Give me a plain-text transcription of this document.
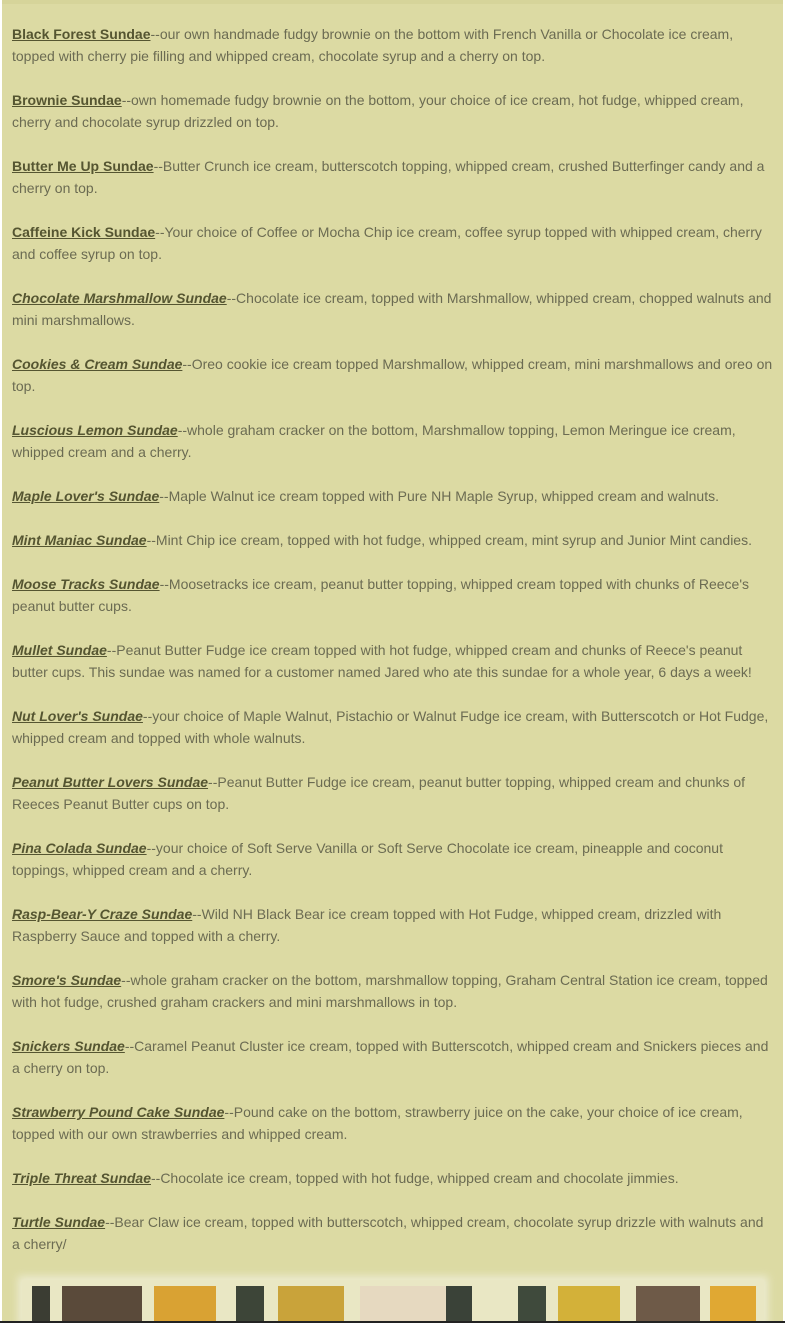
Black Forest Sundae--our own handmade fudgy brownie on the bottom with French Vanilla or Chocolate ice cream, topped with cherry pie filling and whipped cream, chocolate syrup and a cherry on top.

Brownie Sundae--own homemade fudgy brownie on the bottom, your choice of ice cream, hot fudge, whipped cream, cherry and chocolate syrup drizzled on top.

Butter Me Up Sundae--Butter Crunch ice cream, butterscotch topping, whipped cream, crushed Butterfinger candy and a cherry on top.

Caffeine Kick Sundae--Your choice of Coffee or Mocha Chip ice cream, coffee syrup topped with whipped cream, cherry and coffee syrup on top.

Chocolate Marshmallow Sundae--Chocolate ice cream, topped with Marshmallow, whipped cream, chopped walnuts and mini marshmallows.

Cookies & Cream Sundae--Oreo cookie ice cream topped Marshmallow, whipped cream, mini marshmallows and oreo on top.

Luscious Lemon Sundae--whole graham cracker on the bottom, Marshmallow topping, Lemon Meringue ice cream, whipped cream and a cherry.

Maple Lover's Sundae--Maple Walnut ice cream topped with Pure NH Maple Syrup, whipped cream and walnuts.

Mint Maniac Sundae--Mint Chip ice cream, topped with hot fudge, whipped cream, mint syrup and Junior Mint candies.

Moose Tracks Sundae--Moosetracks ice cream, peanut butter topping, whipped cream topped with chunks of Reece's peanut butter cups.

Mullet Sundae--Peanut Butter Fudge ice cream topped with hot fudge, whipped cream and chunks of Reece's peanut butter cups. This sundae was named for a customer named Jared who ate this sundae for a whole year, 6 days a week!

Nut Lover's Sundae--your choice of Maple Walnut, Pistachio or Walnut Fudge ice cream, with Butterscotch or Hot Fudge, whipped cream and topped with whole walnuts.

Peanut Butter Lovers Sundae--Peanut Butter Fudge ice cream, peanut butter topping, whipped cream and chunks of Reeces Peanut Butter cups on top.

Pina Colada Sundae--your choice of Soft Serve Vanilla or Soft Serve Chocolate ice cream, pineapple and coconut toppings, whipped cream and a cherry.

Rasp-Bear-Y Craze Sundae--Wild NH Black Bear ice cream topped with Hot Fudge, whipped cream, drizzled with Raspberry Sauce and topped with a cherry.

Smore's Sundae--whole graham cracker on the bottom, marshmallow topping, Graham Central Station ice cream, topped with hot fudge, crushed graham crackers and mini marshmallows in top.

Snickers Sundae--Caramel Peanut Cluster ice cream, topped with Butterscotch, whipped cream and Snickers pieces and a cherry on top.

Strawberry Pound Cake Sundae--Pound cake on the bottom, strawberry juice on the cake, your choice of ice cream, topped with our own strawberries and whipped cream.

Triple Threat Sundae--Chocolate ice cream, topped with hot fudge, whipped cream and chocolate jimmies.

Turtle Sundae--Bear Claw ice cream, topped with butterscotch, whipped cream, chocolate syrup drizzle with walnuts and a cherry/
